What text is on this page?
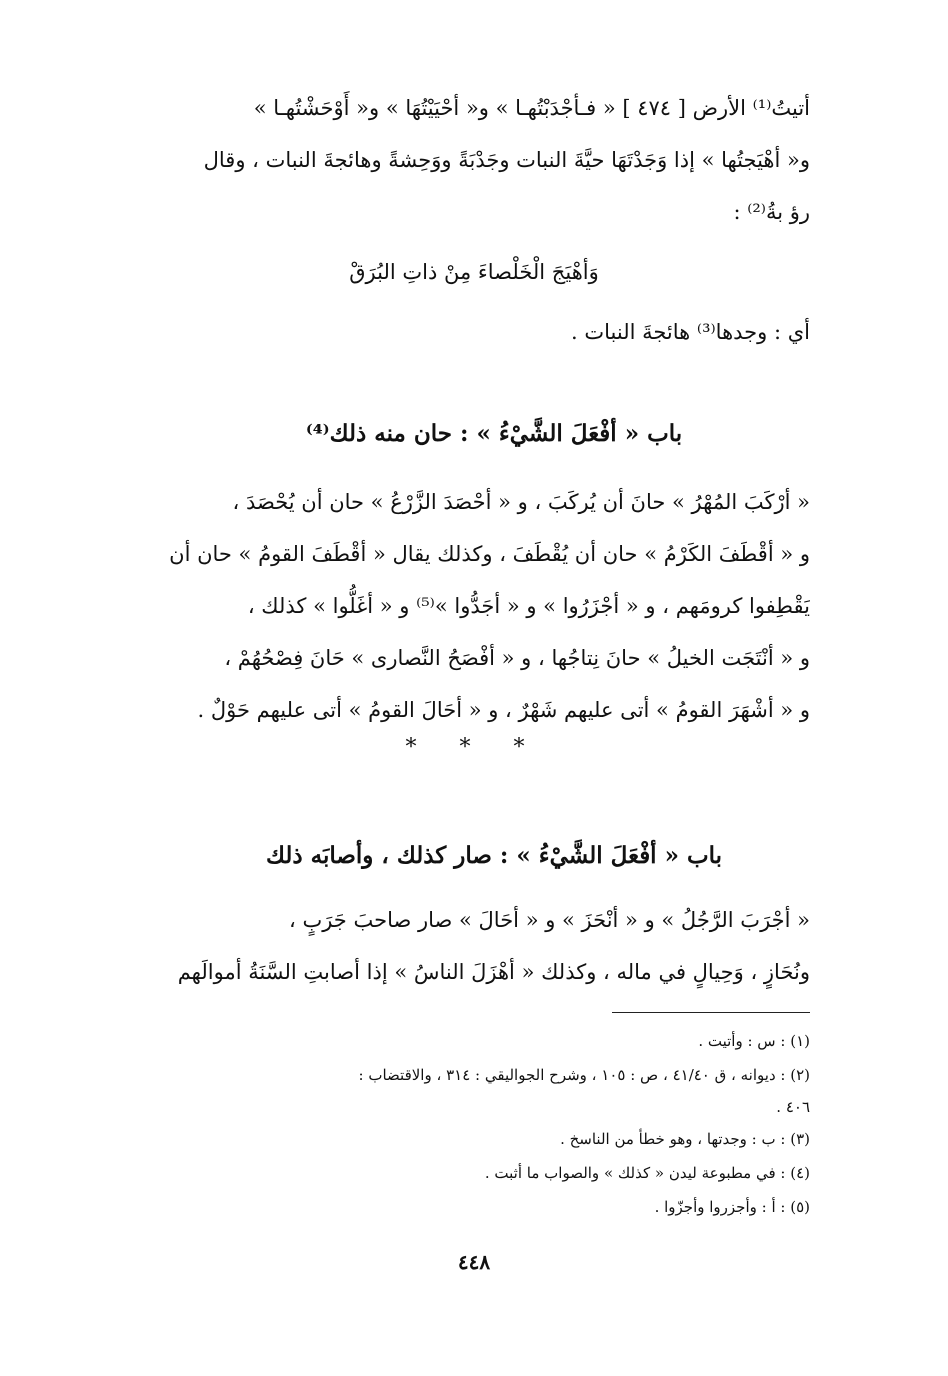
أتيتُ⁽¹⁾ الأرض [ ٤٧٤ ] « فـأجْدَبْتُهـا » و« أحْيَيْتُهَا » و« أَوْحَشْتُهـا »
و« أهْيَجتُها » إذا وَجَدْتَهَا حيَّةَ النبات وجَدْبَةً ووَحِشةً وهائجةَ النبات ، وقال
رؤ بةُ⁽²⁾ :
وَأهْيَجَ الْخَلْصاءَ مِنْ ذاتِ البُرَقْ
أي : وجدها⁽³⁾ هائجةَ النبات .
باب « أفْعَلَ الشَّيْءُ » : حان منه ذلك⁽⁴⁾
« أرْكَبَ المُهْرُ » حانَ أن يُركَبَ ، و « أحْصَدَ الزَّرْعُ » حان أن يُحْصَدَ ،
و « أقْطَفَ الكَرْمُ » حان أن يُقْطَفَ ، وكذلك يقال « أقْطَفَ القومُ » حان أن
يَقْطِفوا كرومَهم ، و « أجْزَرُوا » و « أجَدُّوا »⁽⁵⁾ و « أغَلُّوا » كذلك ،
و « أنْتَجَت الخيلُ » حانَ نِتاجُها ، و « أفْصَحُ النَّصارى » حَانَ فِصْحُهُمْ ،
و « أشْهَرَ القومُ » أتى عليهم شَهْرٌ ، و « أحَالَ القومُ » أتى عليهم حَوْلٌ .
* * *
باب « أفْعَلَ الشَّيْءُ » : صار كذلك ، وأصابَه ذلك
« أجْرَبَ الرَّجُلُ » و « أنْحَزَ » و « أحَالَ » صار صاحبَ جَرَبٍ ،
ونُحَازٍ ، وَحِيالٍ في ماله ، وكذلك « أهْزَلَ الناسُ » إذا أصابتِ السَّنَةُ أموالَهم
(١) : س : وأتيت .
(٢) : ديوانه ، ق ٤١/٤٠ ، ص : ١٠٥ ، وشرح الجواليقي : ٣١٤ ، والاقتضاب :
٤٠٦ .
(٣) : ب : وجدتها ، وهو خطأ من الناسخ .
(٤) : في مطبوعة ليدن « كذلك » والصواب ما أثبت .
(٥) : أ : وأجزروا وأجزّوا .
٤٤٨
